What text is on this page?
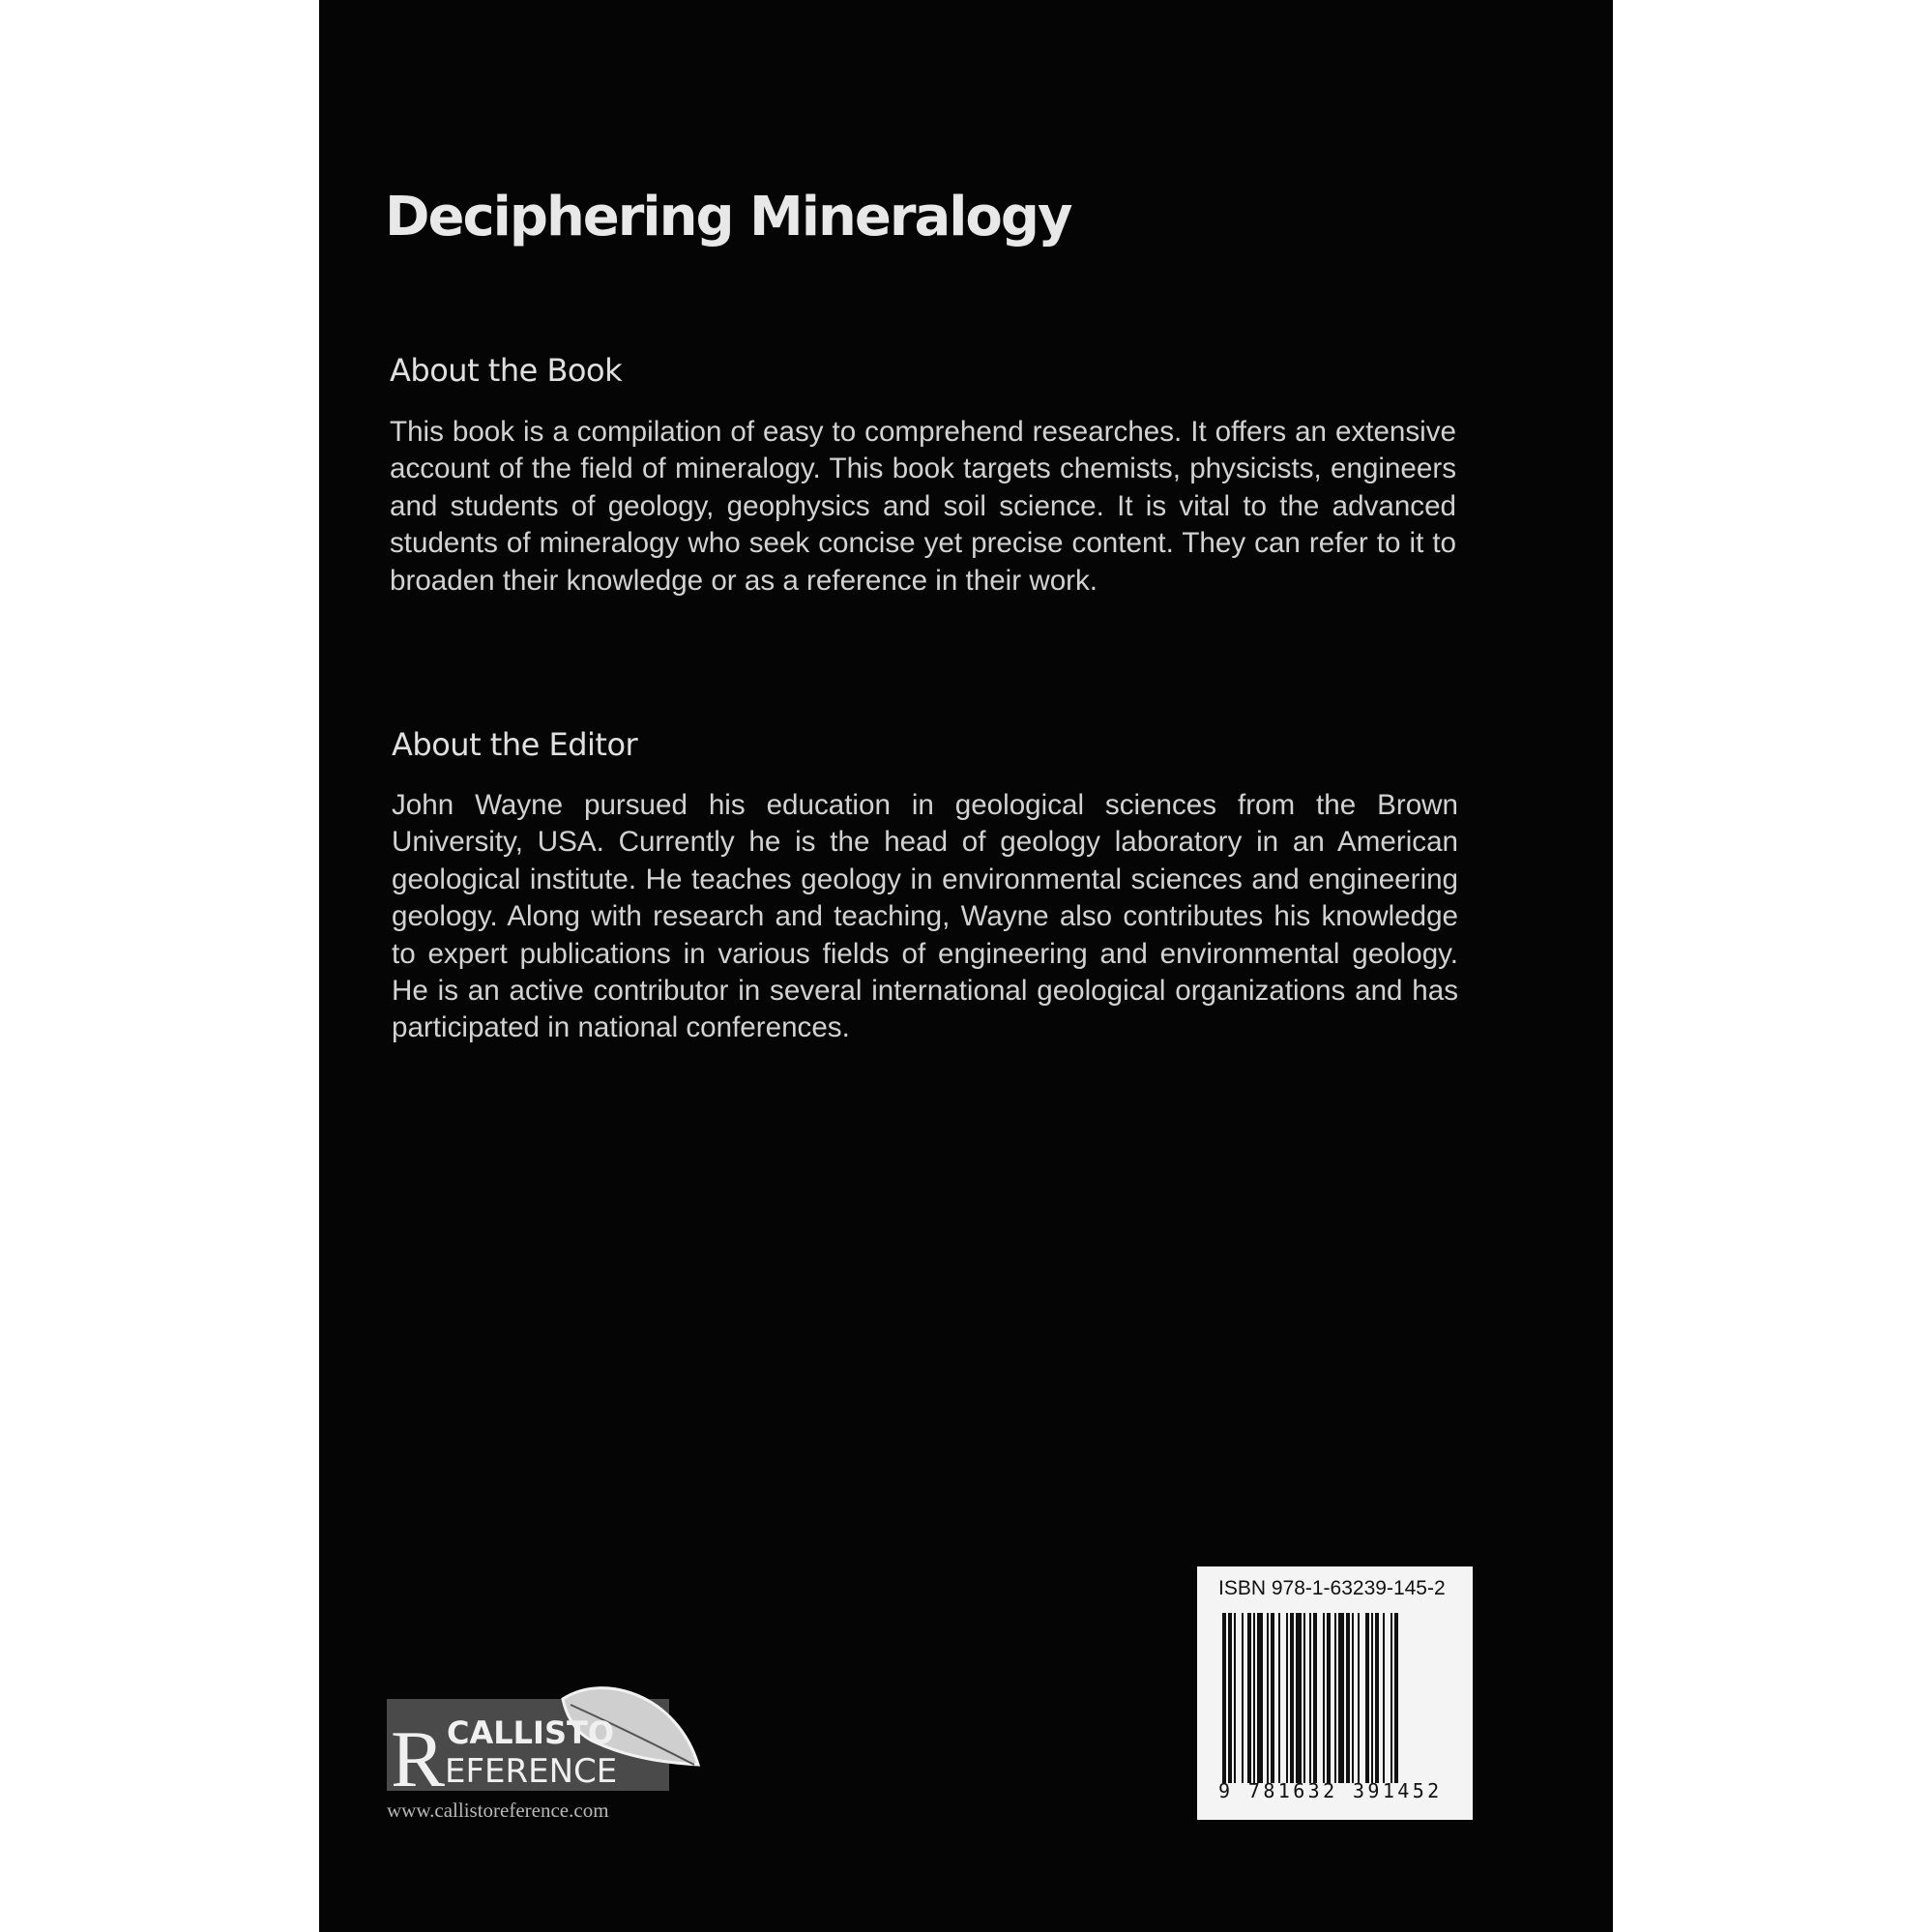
Deciphering Mineralogy
About the Book

This book is a compilation of easy to comprehend researches. It offers an extensive account of the field of mineralogy. This book targets chemists, physicists, engineers and students of geology, geophysics and soil science. It is vital to the advanced students of mineralogy who seek concise yet precise content. They can refer to it to broaden their knowledge or as a reference in their work.

About the Editor

John Wayne pursued his education in geological sciences from the Brown University, USA. Currently he is the head of geology laboratory in an American geological institute. He teaches geology in environmental sciences and engineering geology. Along with research and teaching, Wayne also contributes his knowledge to expert publications in various fields of engineering and environmental geology. He is an active contributor in several international geological organizations and has participated in national conferences.

ISBN 978-1-63239-145-2
9 781632 391452
R CALLISTO
EFERENCE
www.callistoreference.com
